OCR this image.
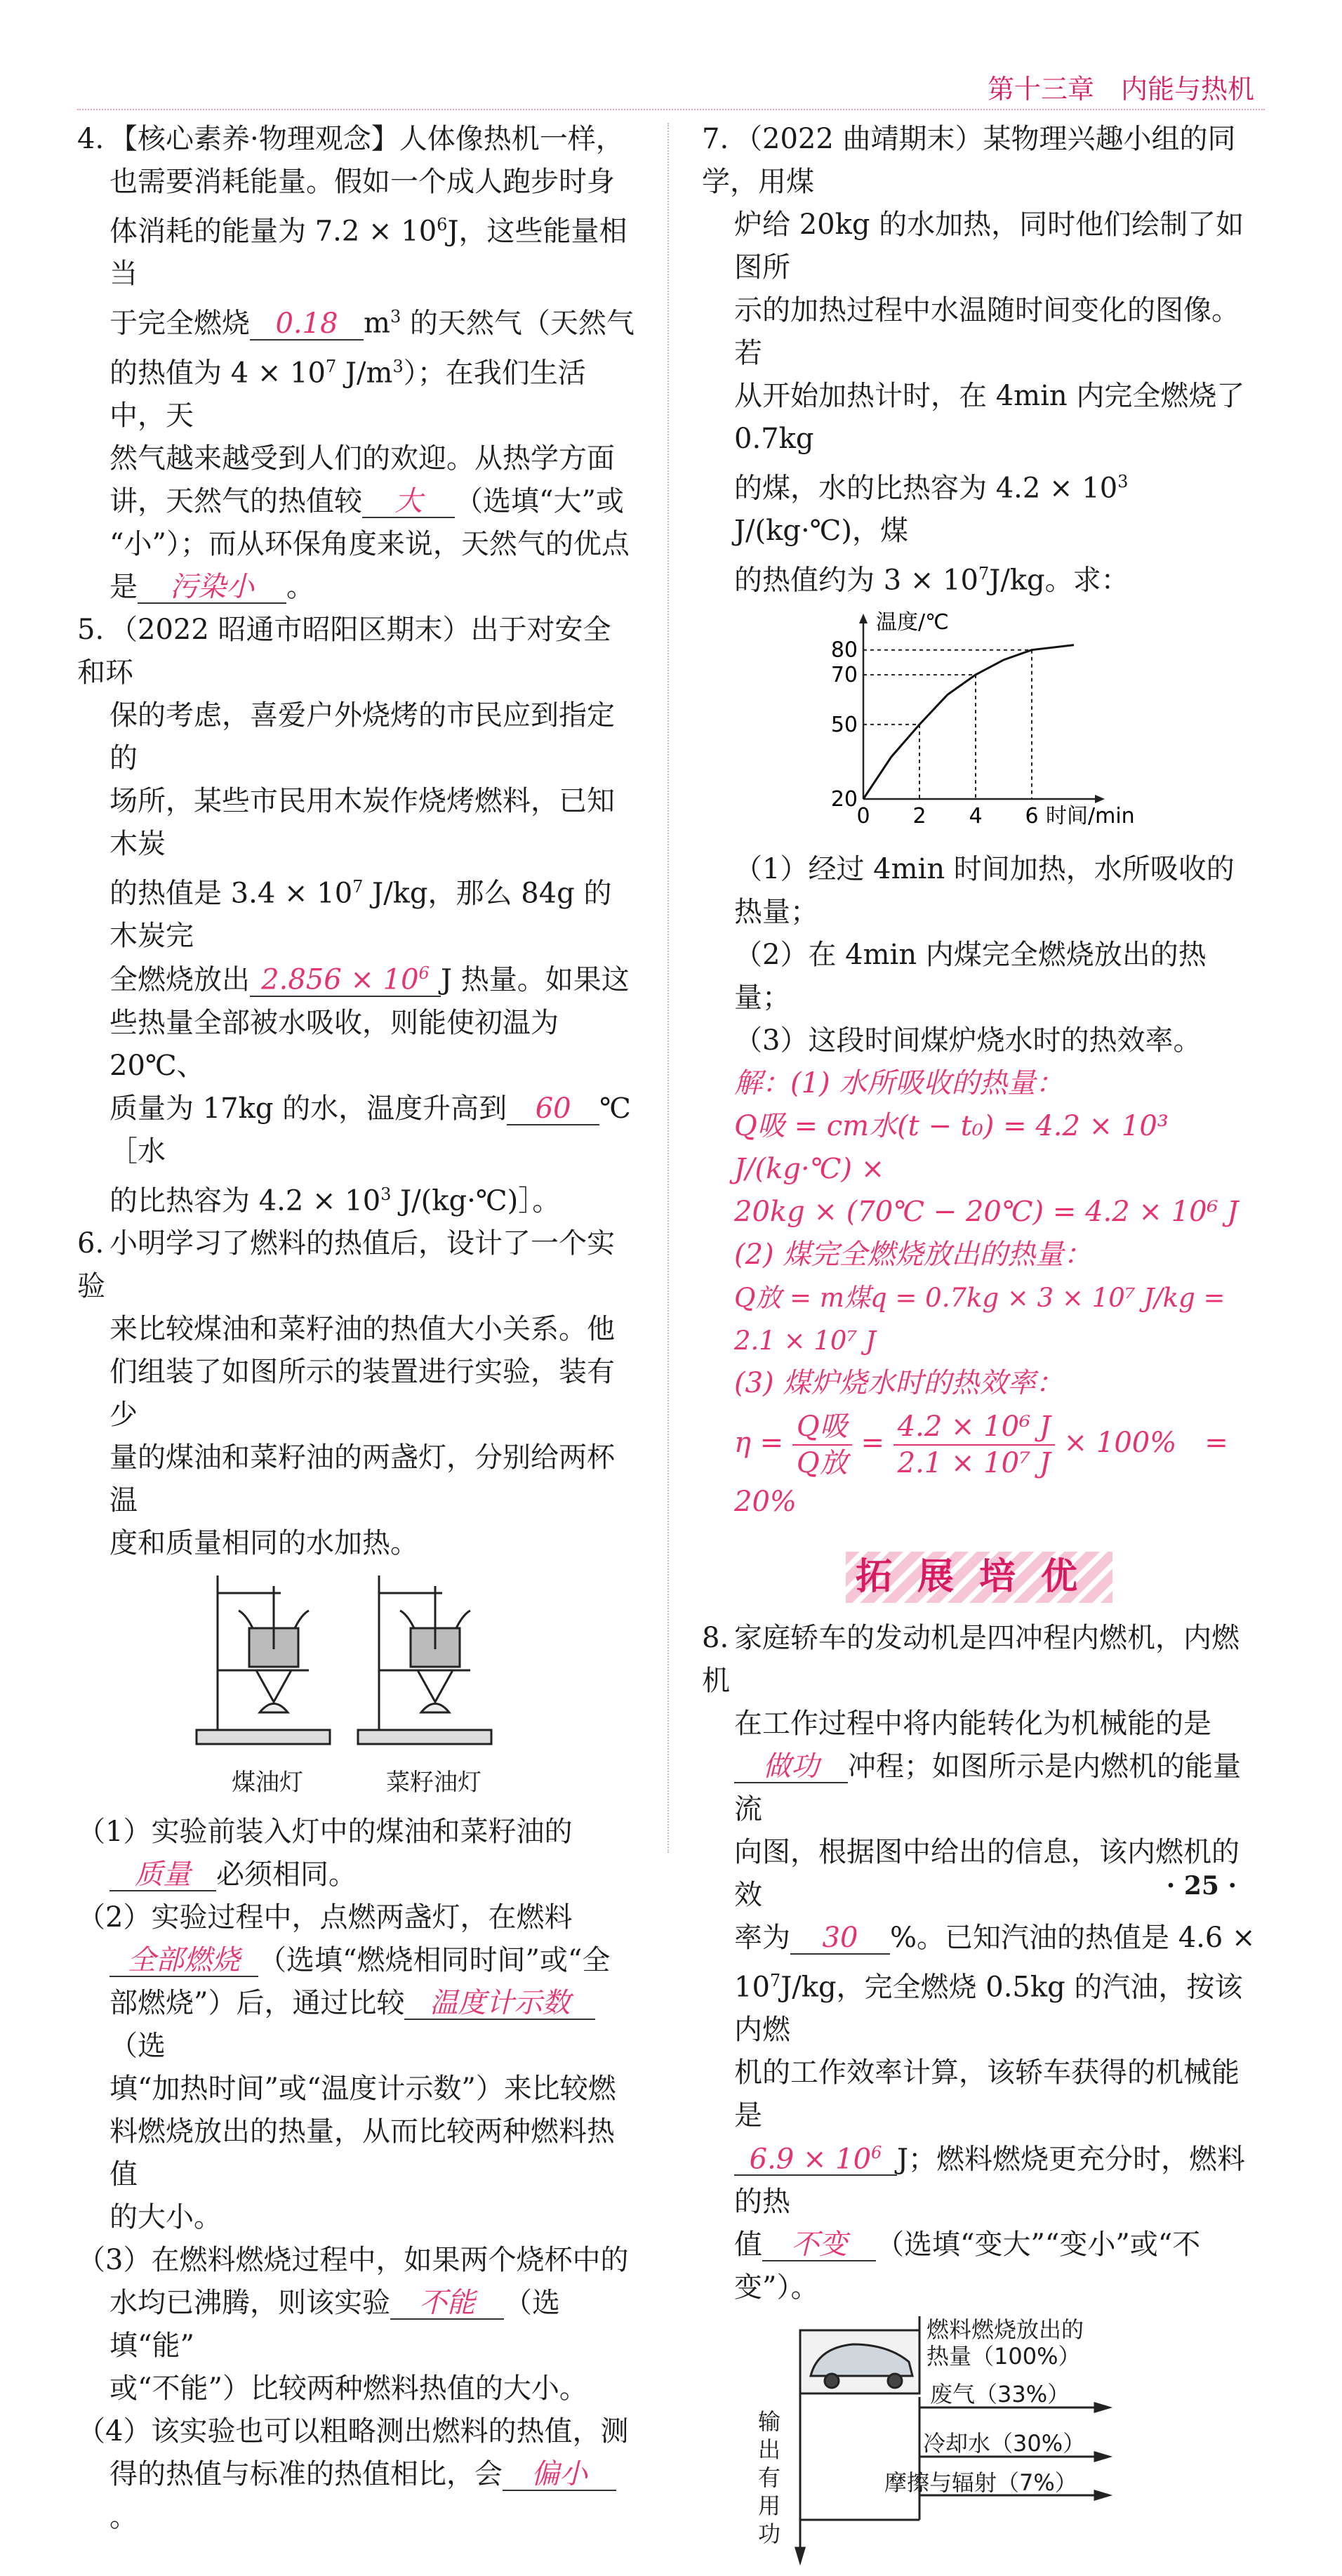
第十三章　内能与热机

4. 【核心素养·物理观念】人体像热机一样，

也需要消耗能量。假如一个成人跑步时身

体消耗的能量为 $7.2 \times 10^6J$，这些能量相当

于完全燃烧 0.18 $m^3$ 的天然气（天然气

的热值为 $4 \times 10^7$ $J/m^3$）；在我们生活中，天

然气越来越受到人们的欢迎。从热学方面

讲，天然气的热值较 大 （选填“大”或

“小”）；而从环保角度来说，天然气的优点

是 污染小 。

5. （2022 昭通市昭阳区期末）出于对安全和环

保的考虑，喜爱户外烧烤的市民应到指定的

场所，某些市民用木炭作烧烤燃料，已知木炭

的热值是 $3.4 \times 10^7$ J/kg，那么 84g 的木炭完

全燃烧放出 $2.856 \times 10^6$ J 热量。如果这

些热量全部被水吸收，则能使初温为 20℃、

质量为 17kg 的水，温度升高到 60 ℃［水

的比热容为 $4.2 \times 10^3$ J/(kg·℃)］。

6. 小明学习了燃料的热值后，设计了一个实验

来比较煤油和菜籽油的热值大小关系。他

们组装了如图所示的装置进行实验，装有少

量的煤油和菜籽油的两盏灯，分别给两杯温

度和质量相同的水加热。

煤油灯	菜籽油灯

（1）实验前装入灯中的煤油和菜籽油的

质量 必须相同。

（2）实验过程中，点燃两盏灯，在燃料

全部燃烧 （选填“燃烧相同时间”或“全

部燃烧”）后，通过比较 温度计示数（选

填“加热时间”或“温度计示数”）来比较燃

料燃烧放出的热量，从而比较两种燃料热值

的大小。

（3）在燃料燃烧过程中，如果两个烧杯中的

水均已沸腾，则该实验 不能 （选填“能”

或“不能”）比较两种燃料热值的大小。

（4）该实验也可以粗略测出燃料的热值，测

得的热值与标准的热值相比，会 偏小。

7. （2022 曲靖期末）某物理兴趣小组的同学，用煤

炉给 20kg 的水加热，同时他们绘制了如图所

示的加热过程中水温随时间变化的图像。若

从开始加热计时，在 4min 内完全燃烧了 0.7kg

的煤，水的比热容为 $4.2 \times 10^3$ J/(kg·℃)，煤

的热值约为 $3 \times 10^7J/kg$。求：

温度/℃
时间/min
20
50
70
80
0 2 4 6

（1）经过 4min 时间加热，水所吸收的热量；

（2）在 4min 内煤完全燃烧放出的热量；

（3）这段时间煤炉烧水时的热效率。

解：(1) 水所吸收的热量：

Q吸 = cm水(t − t₀) = 4.2 × 10³ J/(kg·℃) ×

20kg × (70℃ − 20℃) = 4.2 × 10⁶ J

(2) 煤完全燃烧放出的热量：

Q放 = m煤q = 0.7kg × 3 × 10⁷ J/kg = 2.1 × 10⁷ J

(3) 煤炉烧水时的热效率：

$\eta = \frac{\text{Q吸}}{\text{Q放}} = \frac{\text{4.2 × 10⁶ J}}{\text{2.1 × 10⁷ J}} \times 100\%$　= 20%
拓展培优

8. 家庭轿车的发动机是四冲程内燃机，内燃机

在工作过程中将内能转化为机械能的是

做功 冲程；如图所示是内燃机的能量流

向图，根据图中给出的信息，该内燃机的效

率为 30 %。已知汽油的热值是 4.6 ×

$10^7J/kg$，完全燃烧 0.5kg 的汽油，按该内燃

机的工作效率计算，该轿车获得的机械能是

$6.9 \times 10^6$ J；燃料燃烧更充分时，燃料的热

值 不变 （选填“变大”“变小”或“不变”）。

燃料燃烧放出的
热量（100%）
废气（33%）
冷却水（30%）
摩擦与辐射（7%）
输
出
有
用
功
· 25 ·
